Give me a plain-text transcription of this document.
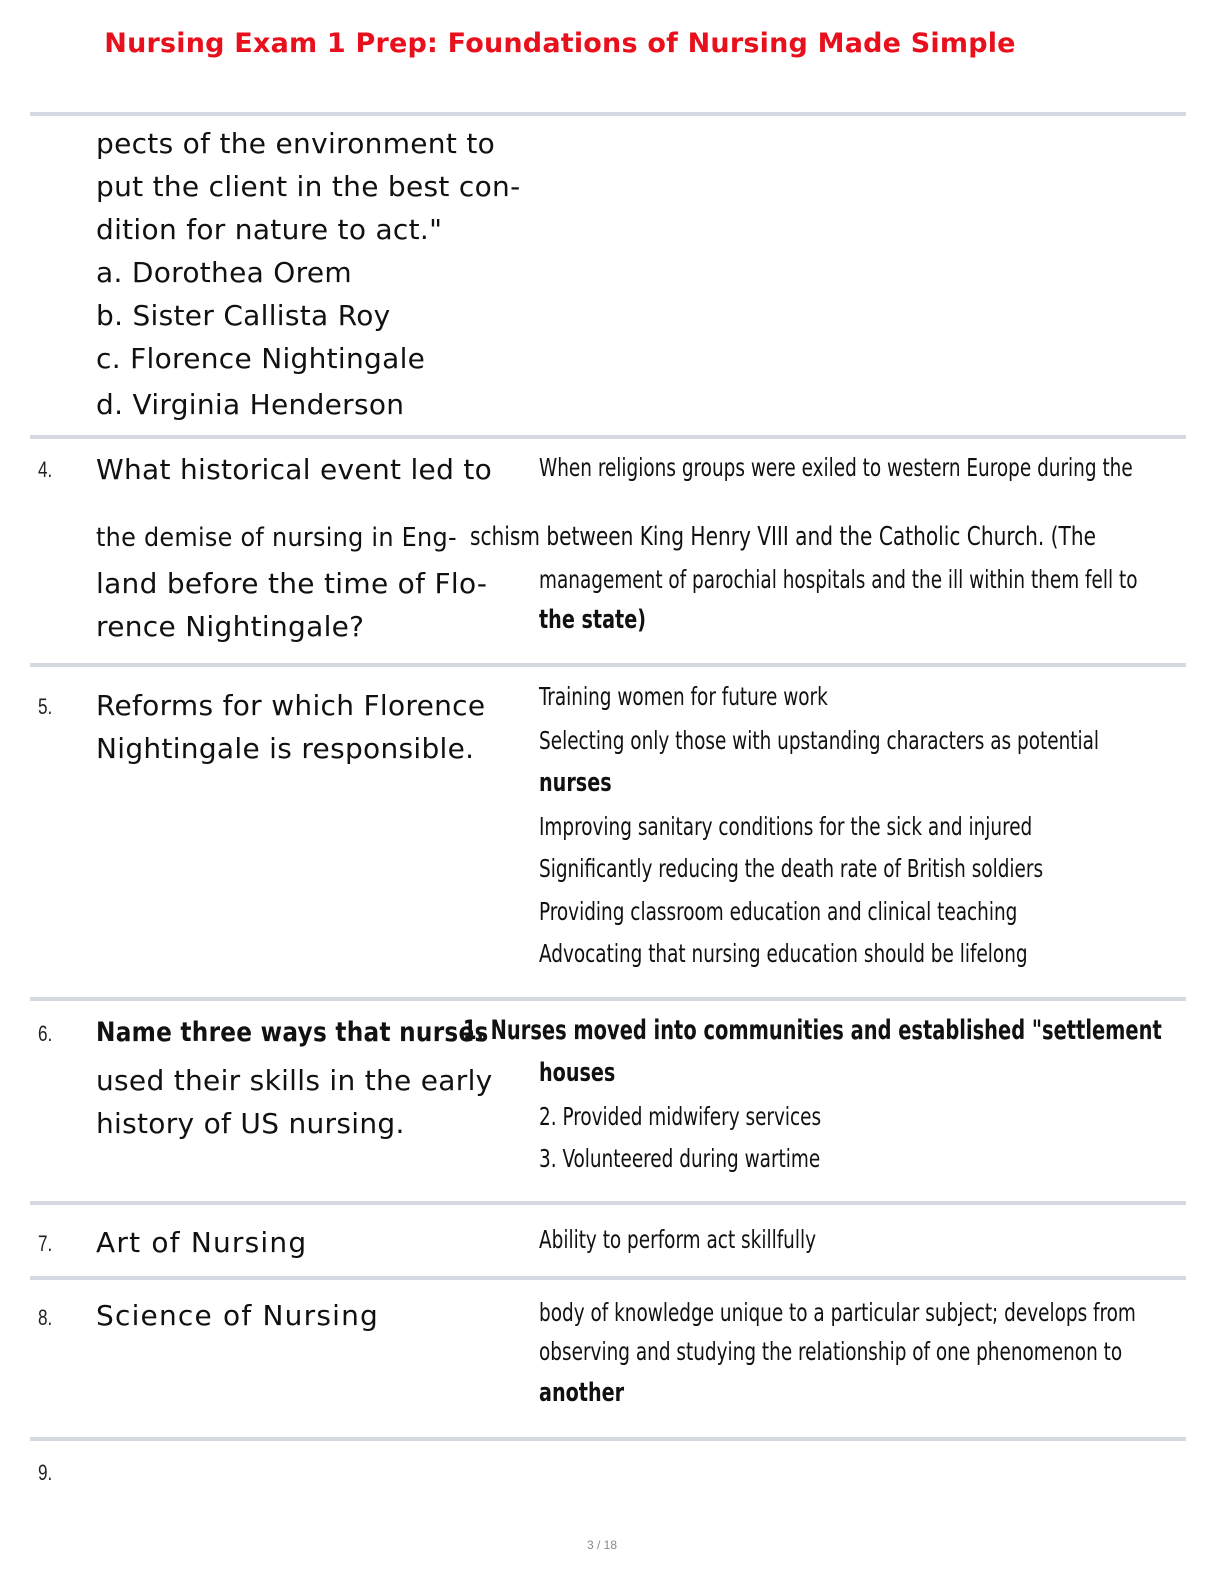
Nursing Exam 1 Prep: Foundations of Nursing Made Simple
pects of the environment to
put the client in the best con-
dition for nature to act."
a. Dorothea Orem
b. Sister Callista Roy
c. Florence Nightingale
d. Virginia Henderson
4. What historical event led to
the demise of nursing in Eng-
land before the time of Flo-
rence Nightingale?
When religions groups were exiled to western Europe during the
schism between King Henry VIII and the Catholic Church. (The
management of parochial hospitals and the ill within them fell to
the state)
5. Reforms for which Florence
Nightingale is responsible.
Training women for future work
Selecting only those with upstanding characters as potential
nurses
Improving sanitary conditions for the sick and injured
Significantly reducing the death rate of British soldiers
Providing classroom education and clinical teaching
Advocating that nursing education should be lifelong
6. Name three ways that nurses
used their skills in the early
history of US nursing.
1. Nurses moved into communities and established "settlement
houses
2. Provided midwifery services
3. Volunteered during wartime
7. Art of Nursing	Ability to perform act skillfully
8. Science of Nursing	body of knowledge unique to a particular subject; develops from
observing and studying the relationship of one phenomenon to
another
9.
3 / 18
